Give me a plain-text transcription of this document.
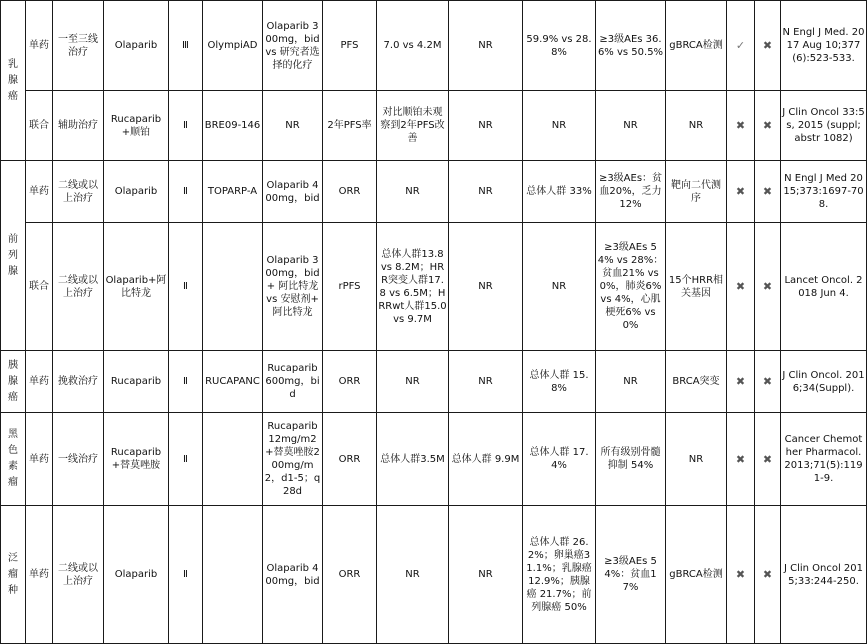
乳腺癌	单药	一至三线治疗	Olaparib	Ⅲ	OlympiAD	Olaparib 300mg，bid vs 研究者选择的化疗	PFS	7.0 vs 4.2M	NR	59.9% vs 28.8%	≥3级AEs 36.6% vs 50.5%	gBRCA检测	✓	✖	N Engl J Med. 2017 Aug 10;377(6):523-533.
	联合	辅助治疗	Rucaparib+顺铂	Ⅱ	BRE09-146	NR	2年PFS率	对比顺铂未观察到2年PFS改善	NR	NR	NR	NR	✖	✖	J Clin Oncol 33:5s, 2015 (suppl; abstr 1082)
前列腺	单药	二线或以上治疗	Olaparib	Ⅱ	TOPARP-A	Olaparib 400mg，bid	ORR	NR	NR	总体人群 33%	≥3级AEs：贫血20%，乏力12%	靶向二代测序	✖	✖	N Engl J Med 2015;373:1697-708.
	联合	二线或以上治疗	Olaparib+阿比特龙	Ⅱ		Olaparib 300mg，bid + 阿比特龙 vs 安慰剂+ 阿比特龙	rPFS	总体人群13.8 vs 8.2M；HRR突变人群17.8 vs 6.5M；HRRwt人群15.0 vs 9.7M	NR	NR	≥3级AEs 54% vs 28%：贫血21% vs 0%，肺炎6% vs 4%，心肌梗死6% vs 0%	15个HRR相关基因	✖	✖	Lancet Oncol. 2018 Jun 4.
胰腺癌	单药	挽救治疗	Rucaparib	Ⅱ	RUCAPANC	Rucaparib 600mg，bid	ORR	NR	NR	总体人群 15.8%	NR	BRCA突变	✖	✖	J Clin Oncol. 2016;34(Suppl).
黑色素瘤	单药	一线治疗	Rucaparib+替莫唑胺	Ⅱ		Rucaparib 12mg/m2+替莫唑胺200mg/m2，d1-5；q28d	ORR	总体人群3.5M	总体人群 9.9M	总体人群 17.4%	所有级别骨髓抑制 54%	NR	✖	✖	Cancer Chemother Pharmacol. 2013;71(5):1191-9.
泛瘤种	单药	二线或以上治疗	Olaparib	Ⅱ		Olaparib 400mg，bid	ORR	NR	NR	总体人群 26.2%；卵巢癌31.1%；乳腺癌 12.9%；胰腺癌 21.7%；前列腺癌 50%	≥3级AEs 54%：贫血17%	gBRCA检测	✖	✖	J Clin Oncol 2015;33:244-250.
